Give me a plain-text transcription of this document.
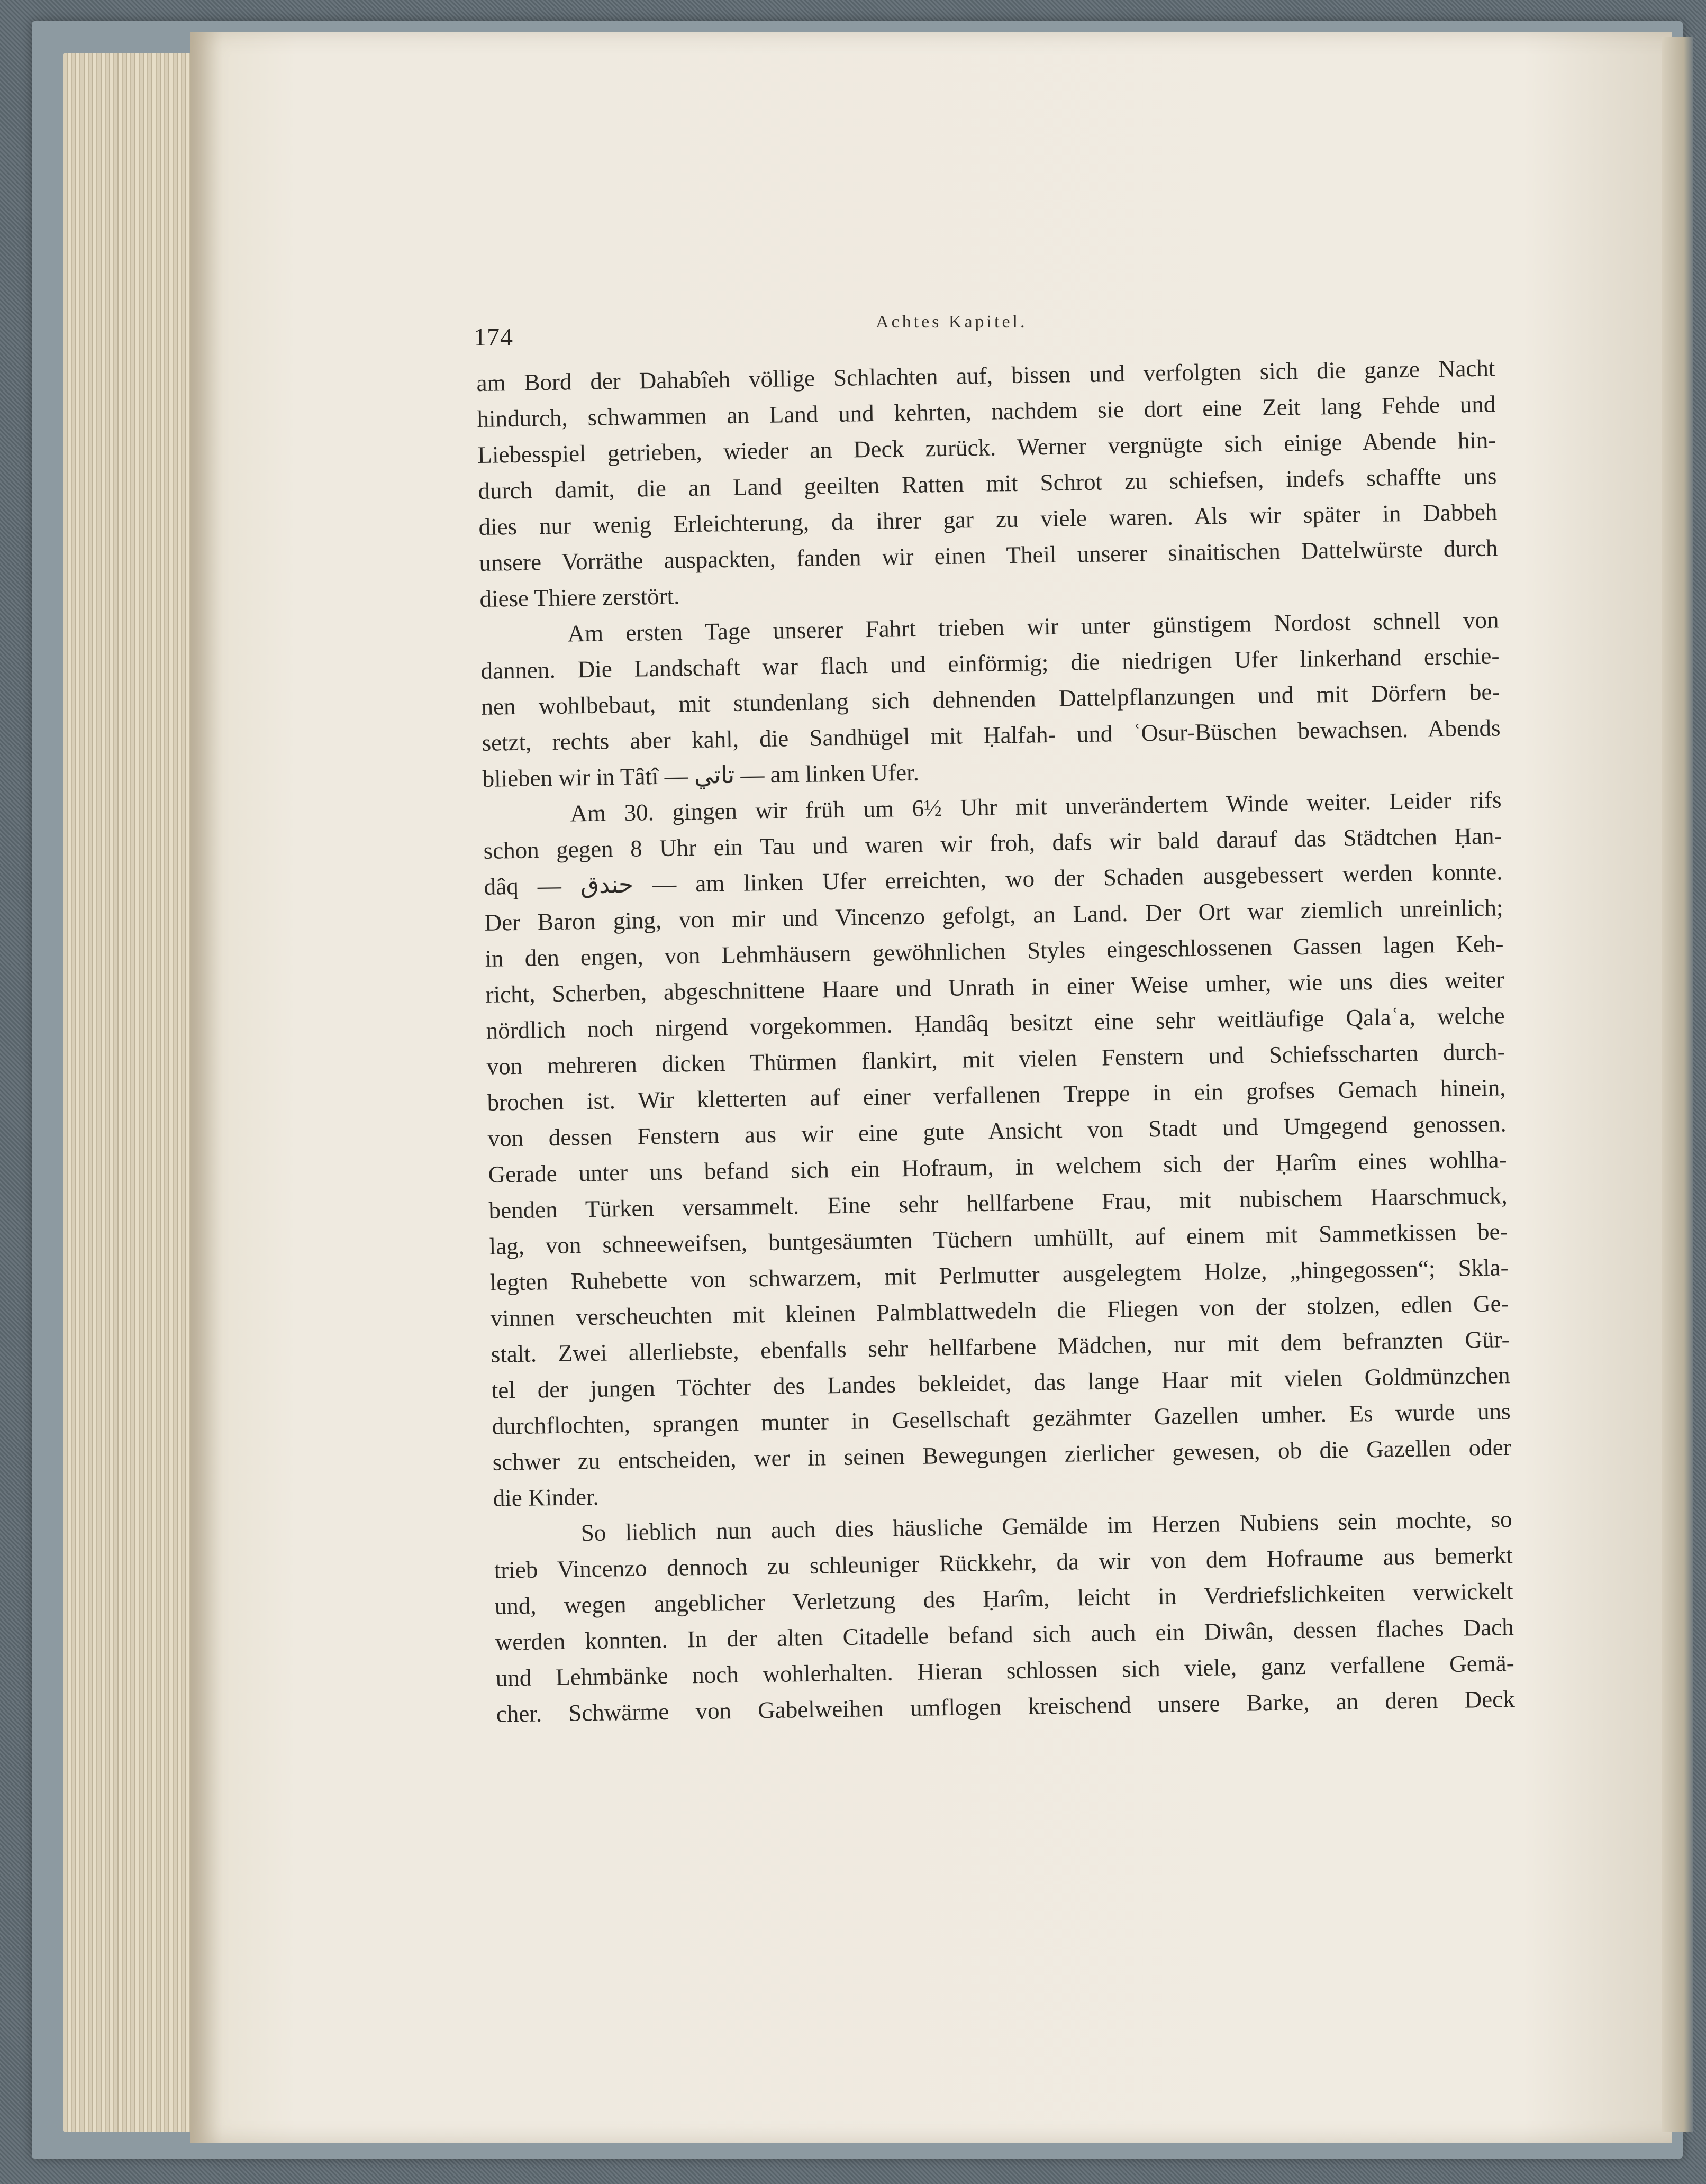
174
Achtes Kapitel.
am Bord der Dahabîeh völlige Schlachten auf, bissen und verfolgten sich die ganze Nacht
hindurch, schwammen an Land und kehrten, nachdem sie dort eine Zeit lang Fehde und
Liebesspiel getrieben, wieder an Deck zurück. Werner vergnügte sich einige Abende hin-
durch damit, die an Land geeilten Ratten mit Schrot zu schiefsen, indefs schaffte uns
dies nur wenig Erleichterung, da ihrer gar zu viele waren. Als wir später in Dabbeh
unsere Vorräthe auspackten, fanden wir einen Theil unserer sinaitischen Dattelwürste durch
diese Thiere zerstört.
Am ersten Tage unserer Fahrt trieben wir unter günstigem Nordost schnell von
dannen. Die Landschaft war flach und einförmig; die niedrigen Ufer linkerhand erschie-
nen wohlbebaut, mit stundenlang sich dehnenden Dattelpflanzungen und mit Dörfern be-
setzt, rechts aber kahl, die Sandhügel mit Ḥalfah- und ʿOsur-Büschen bewachsen. Abends
blieben wir in Tâtî — تاتي — am linken Ufer.
Am 30. gingen wir früh um 6½ Uhr mit unverändertem Winde weiter. Leider rifs
schon gegen 8 Uhr ein Tau und waren wir froh, dafs wir bald darauf das Städtchen Ḥan-
dâq — حندق — am linken Ufer erreichten, wo der Schaden ausgebessert werden konnte.
Der Baron ging, von mir und Vincenzo gefolgt, an Land. Der Ort war ziemlich unreinlich;
in den engen, von Lehmhäusern gewöhnlichen Styles eingeschlossenen Gassen lagen Keh-
richt, Scherben, abgeschnittene Haare und Unrath in einer Weise umher, wie uns dies weiter
nördlich noch nirgend vorgekommen. Ḥandâq besitzt eine sehr weitläufige Qalaʿa, welche
von mehreren dicken Thürmen flankirt, mit vielen Fenstern und Schiefsscharten durch-
brochen ist. Wir kletterten auf einer verfallenen Treppe in ein grofses Gemach hinein,
von dessen Fenstern aus wir eine gute Ansicht von Stadt und Umgegend genossen.
Gerade unter uns befand sich ein Hofraum, in welchem sich der Ḥarîm eines wohlha-
benden Türken versammelt. Eine sehr hellfarbene Frau, mit nubischem Haarschmuck,
lag, von schneeweifsen, buntgesäumten Tüchern umhüllt, auf einem mit Sammetkissen be-
legten Ruhebette von schwarzem, mit Perlmutter ausgelegtem Holze, „hingegossen“; Skla-
vinnen verscheuchten mit kleinen Palmblattwedeln die Fliegen von der stolzen, edlen Ge-
stalt. Zwei allerliebste, ebenfalls sehr hellfarbene Mädchen, nur mit dem befranzten Gür-
tel der jungen Töchter des Landes bekleidet, das lange Haar mit vielen Goldmünzchen
durchflochten, sprangen munter in Gesellschaft gezähmter Gazellen umher. Es wurde uns
schwer zu entscheiden, wer in seinen Bewegungen zierlicher gewesen, ob die Gazellen oder
die Kinder.
So lieblich nun auch dies häusliche Gemälde im Herzen Nubiens sein mochte, so
trieb Vincenzo dennoch zu schleuniger Rückkehr, da wir von dem Hofraume aus bemerkt
und, wegen angeblicher Verletzung des Ḥarîm, leicht in Verdriefslichkeiten verwickelt
werden konnten. In der alten Citadelle befand sich auch ein Diwân, dessen flaches Dach
und Lehmbänke noch wohlerhalten. Hieran schlossen sich viele, ganz verfallene Gemä-
cher. Schwärme von Gabelweihen umflogen kreischend unsere Barke, an deren Deck
